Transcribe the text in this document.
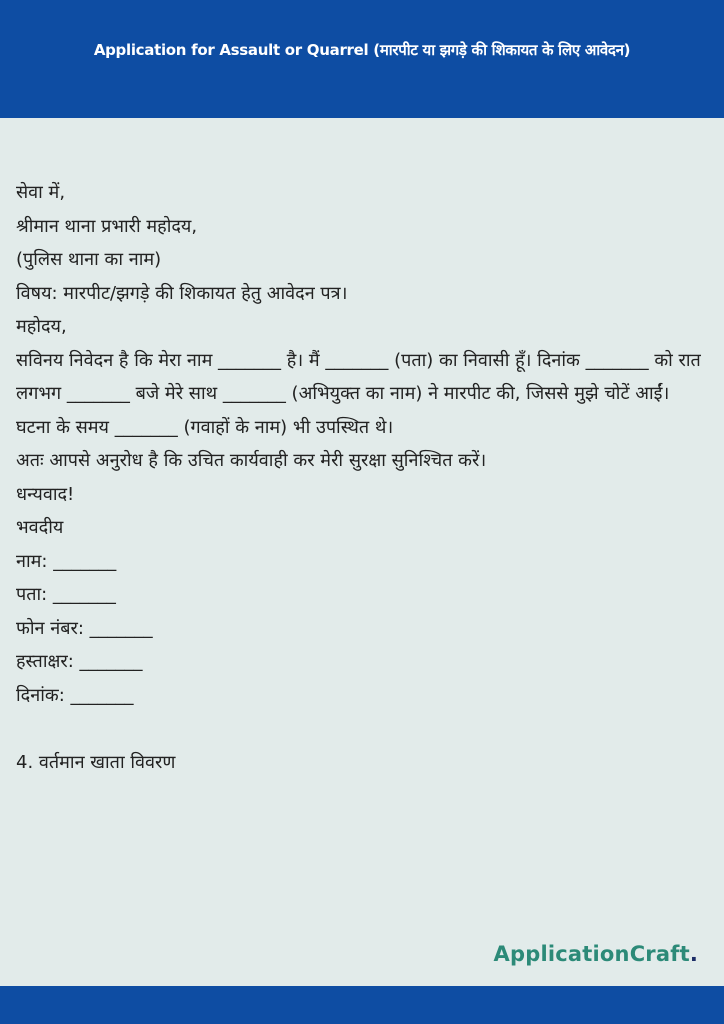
Application for Assault or Quarrel (मारपीट या झगड़े की शिकायत के लिए आवेदन)

सेवा में,

श्रीमान थाना प्रभारी महोदय,

(पुलिस थाना का नाम)

विषय: मारपीट/झगड़े की शिकायत हेतु आवेदन पत्र।

महोदय,

सविनय निवेदन है कि मेरा नाम _______ है। मैं _______ (पता) का निवासी हूँ। दिनांक _______ को रात लगभग _______ बजे मेरे साथ _______ (अभियुक्त का नाम) ने मारपीट की, जिससे मुझे चोटें आईं। घटना के समय _______ (गवाहों के नाम) भी उपस्थित थे।

अतः आपसे अनुरोध है कि उचित कार्यवाही कर मेरी सुरक्षा सुनिश्चित करें।

धन्यवाद!

भवदीय

नाम: _______

पता: _______

फोन नंबर: _______

हस्ताक्षर: _______

दिनांक: _______

4. वर्तमान खाता विवरण

ApplicationCraft.
